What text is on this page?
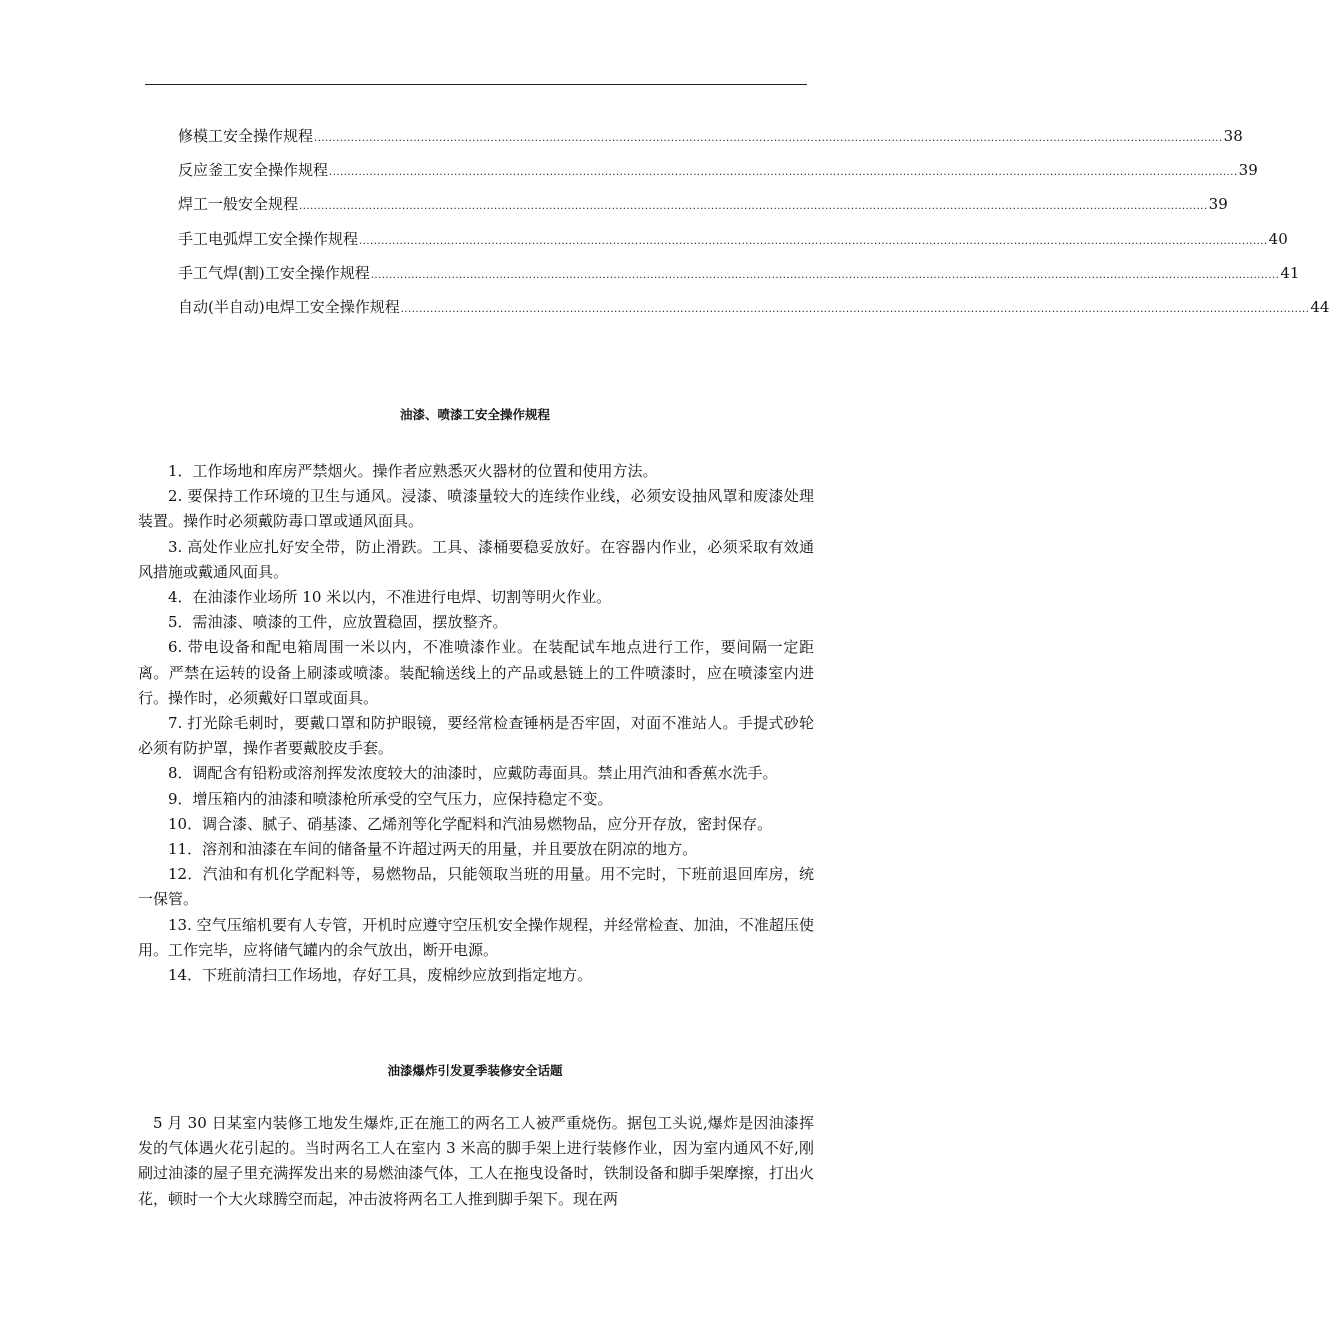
修模工安全操作规程 ....................................................................................................................................................................................................................................................... 38
反应釜工安全操作规程 ....................................................................................................................................................................................................................................................... 39
焊工一般安全规程 ....................................................................................................................................................................................................................................................... 39
手工电弧焊工安全操作规程 ....................................................................................................................................................................................................................................................... 40
手工气焊(割)工安全操作规程 ....................................................................................................................................................................................................................................................... 41
自动(半自动)电焊工安全操作规程 ....................................................................................................................................................................................................................................................... 44
油漆、喷漆工安全操作规程

1．工作场地和库房严禁烟火。操作者应熟悉灭火器材的位置和使用方法。

2. 要保持工作环境的卫生与通风。浸漆、喷漆量较大的连续作业线，必须安设抽风罩和废漆处理装置。操作时必须戴防毒口罩或通风面具。

3. 高处作业应扎好安全带，防止滑跌。工具、漆桶要稳妥放好。在容器内作业，必须采取有效通风措施或戴通风面具。

4．在油漆作业场所 10 米以内，不准进行电焊、切割等明火作业。

5．需油漆、喷漆的工件，应放置稳固，摆放整齐。

6. 带电设备和配电箱周围一米以内，不准喷漆作业。在装配试车地点进行工作，要间隔一定距离。严禁在运转的设备上刷漆或喷漆。装配输送线上的产品或悬链上的工件喷漆时，应在喷漆室内进行。操作时，必须戴好口罩或面具。

7. 打光除毛刺时，要戴口罩和防护眼镜，要经常检查锤柄是否牢固，对面不准站人。手提式砂轮必须有防护罩，操作者要戴胶皮手套。

8．调配含有铅粉或溶剂挥发浓度较大的油漆时，应戴防毒面具。禁止用汽油和香蕉水洗手。

9．增压箱内的油漆和喷漆枪所承受的空气压力，应保持稳定不变。

10．调合漆、腻子、硝基漆、乙烯剂等化学配料和汽油易燃物品，应分开存放，密封保存。

11．溶剂和油漆在车间的储备量不许超过两天的用量，并且要放在阴凉的地方。

12．汽油和有机化学配料等，易燃物品，只能领取当班的用量。用不完时，下班前退回库房，统一保管。

13. 空气压缩机要有人专管，开机时应遵守空压机安全操作规程，并经常检查、加油，不准超压使用。工作完毕，应将储气罐内的余气放出，断开电源。

14．下班前清扫工作场地，存好工具，废棉纱应放到指定地方。

油漆爆炸引发夏季装修安全话题

5 月 30 日某室内装修工地发生爆炸,正在施工的两名工人被严重烧伤。据包工头说,爆炸是因油漆挥发的气体遇火花引起的。当时两名工人在室内 3 米高的脚手架上进行装修作业，因为室内通风不好,刚刷过油漆的屋子里充满挥发出来的易燃油漆气体，工人在拖曳设备时，铁制设备和脚手架摩擦，打出火花，顿时一个大火球腾空而起，冲击波将两名工人推到脚手架下。现在两
